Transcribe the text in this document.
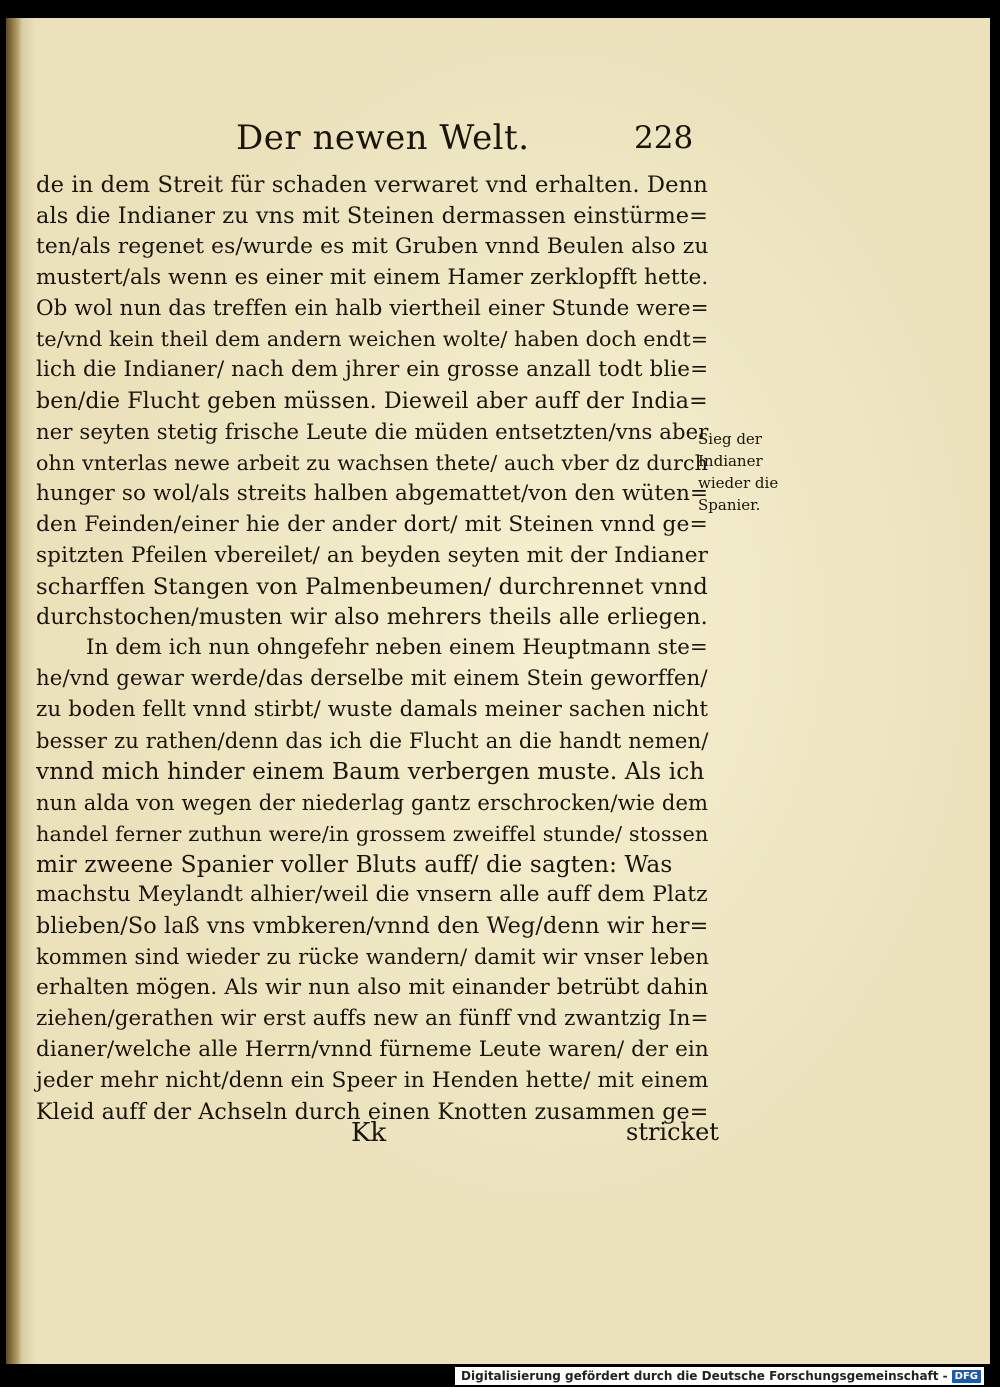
Der newen Welt.	228
de in dem Streit für schaden verwaret vnd erhalten. Denn
als die Indianer zu vns mit Steinen dermassen einstürme=
ten/als regenet es/wurde es mit Gruben vnnd Beulen also zu
mustert/als wenn es einer mit einem Hamer zerklopfft hette.
Ob wol nun das treffen ein halb viertheil einer Stunde were=
te/vnd kein theil dem andern weichen wolte/ haben doch endt=
lich die Indianer/ nach dem jhrer ein grosse anzall todt blie=
ben/die Flucht geben müssen. Dieweil aber auff der India=
ner seyten stetig frische Leute die müden entsetzten/vns aber
ohn vnterlas newe arbeit zu wachsen thete/ auch vber dz durch
hunger so wol/als streits halben abgemattet/von den wüten=
den Feinden/einer hie der ander dort/ mit Steinen vnnd ge=
spitzten Pfeilen vbereilet/ an beyden seyten mit der Indianer
scharffen Stangen von Palmenbeumen/ durchrennet vnnd
durchstochen/musten wir also mehrers theils alle erliegen.
In dem ich nun ohngefehr neben einem Heuptmann ste=
he/vnd gewar werde/das derselbe mit einem Stein geworffen/
zu boden fellt vnnd stirbt/ wuste damals meiner sachen nicht
besser zu rathen/denn das ich die Flucht an die handt nemen/
vnnd mich hinder einem Baum verbergen muste. Als ich
nun alda von wegen der niederlag gantz erschrocken/wie dem
handel ferner zuthun were/in grossem zweiffel stunde/ stossen
mir zweene Spanier voller Bluts auff/ die sagten: Was
machstu Meylandt alhier/weil die vnsern alle auff dem Platz
blieben/So laß vns vmbkeren/vnnd den Weg/denn wir her=
kommen sind wieder zu rücke wandern/ damit wir vnser leben
erhalten mögen. Als wir nun also mit einander betrübt dahin
ziehen/gerathen wir erst auffs new an fünff vnd zwantzig In=
dianer/welche alle Herrn/vnnd fürneme Leute waren/ der ein
jeder mehr nicht/denn ein Speer in Henden hette/ mit einem
Kleid auff der Achseln durch einen Knotten zusammen ge=
Sieg der
Indianer
wieder die
Spanier.
Kk	stricket
Digitalisierung gefördert durch die Deutsche Forschungsgemeinschaft - DFG
